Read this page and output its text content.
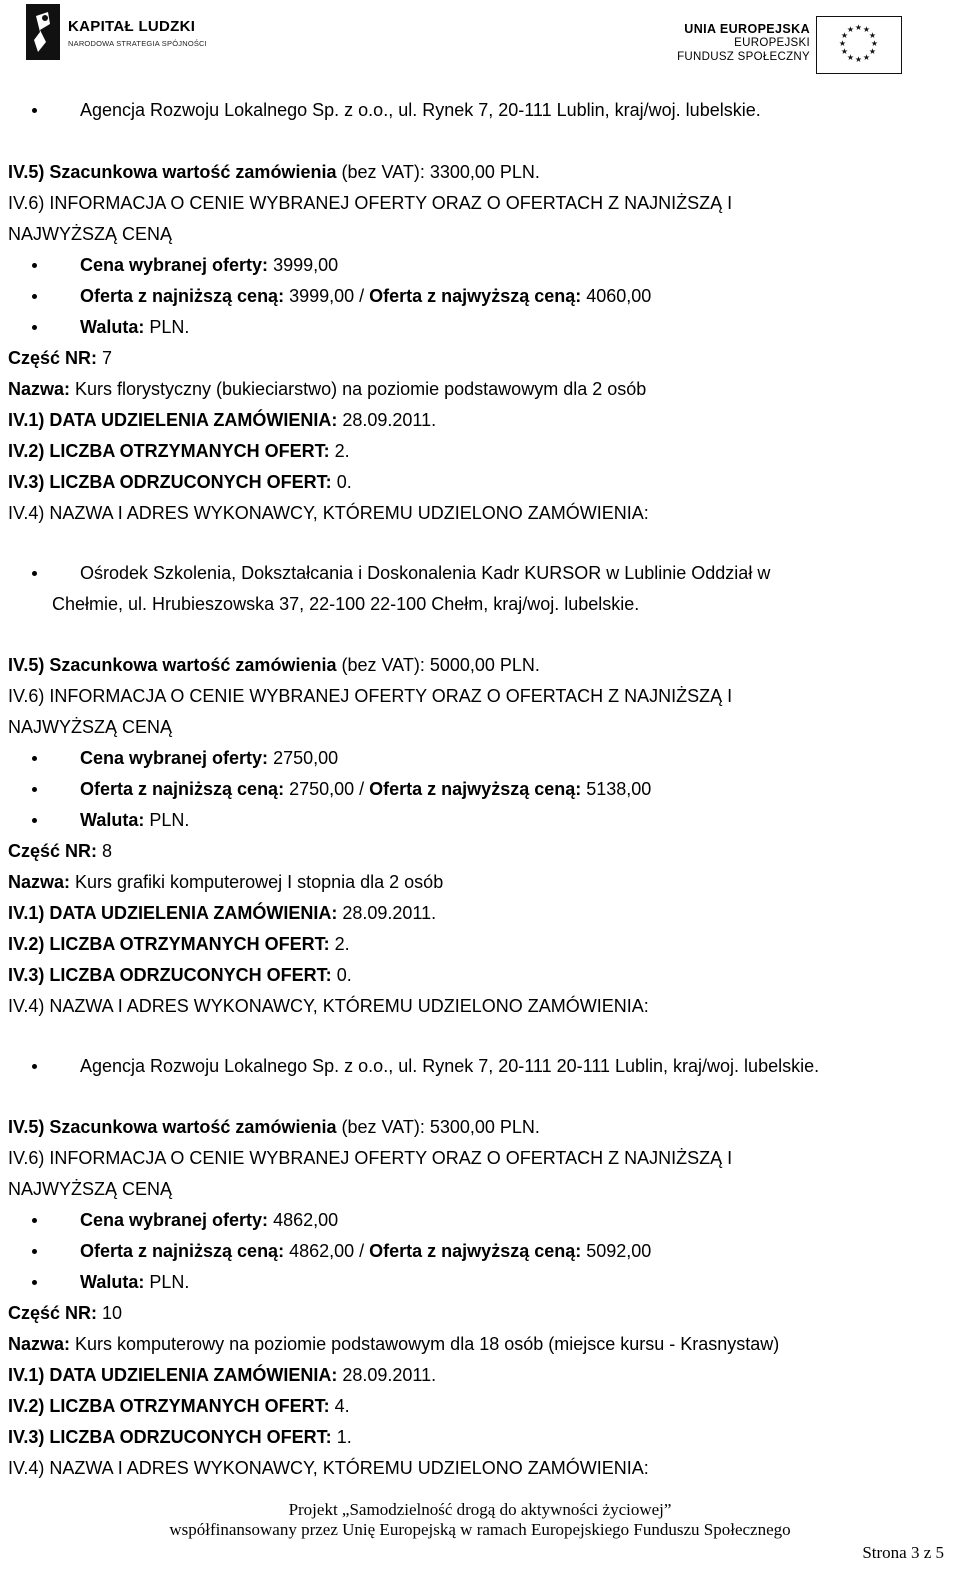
KAPITAŁ LUDZKI
NARODOWA STRATEGIA SPÓJNOŚCI
UNIA EUROPEJSKA
EUROPEJSKI
FUNDUSZ SPOŁECZNY
★ ★
★
★
★
★
★
★
★
★
★
★
Agencja Rozwoju Lokalnego Sp. z o.o., ul. Rynek 7, 20-111 Lublin, kraj/woj. lubelskie.
IV.5) Szacunkowa wartość zamówienia (bez VAT): 3300,00 PLN.
IV.6) INFORMACJA O CENIE WYBRANEJ OFERTY ORAZ O OFERTACH Z NAJNIŻSZĄ I
NAJWYŻSZĄ CENĄ
Cena wybranej oferty: 3999,00
Oferta z najniższą ceną: 3999,00 / Oferta z najwyższą ceną: 4060,00
Waluta: PLN.
Część NR: 7
Nazwa: Kurs florystyczny (bukieciarstwo) na poziomie podstawowym dla 2 osób
IV.1) DATA UDZIELENIA ZAMÓWIENIA: 28.09.2011.
IV.2) LICZBA OTRZYMANYCH OFERT: 2.
IV.3) LICZBA ODRZUCONYCH OFERT: 0.
IV.4) NAZWA I ADRES WYKONAWCY, KTÓREMU UDZIELONO ZAMÓWIENIA:
Ośrodek Szkolenia, Dokształcania i Doskonalenia Kadr KURSOR w Lublinie Oddział w
Chełmie, ul. Hrubieszowska 37, 22-100 22-100 Chełm, kraj/woj. lubelskie.
IV.5) Szacunkowa wartość zamówienia (bez VAT): 5000,00 PLN.
IV.6) INFORMACJA O CENIE WYBRANEJ OFERTY ORAZ O OFERTACH Z NAJNIŻSZĄ I
NAJWYŻSZĄ CENĄ
Cena wybranej oferty: 2750,00
Oferta z najniższą ceną: 2750,00 / Oferta z najwyższą ceną: 5138,00
Waluta: PLN.
Część NR: 8
Nazwa: Kurs grafiki komputerowej I stopnia dla 2 osób
IV.1) DATA UDZIELENIA ZAMÓWIENIA: 28.09.2011.
IV.2) LICZBA OTRZYMANYCH OFERT: 2.
IV.3) LICZBA ODRZUCONYCH OFERT: 0.
IV.4) NAZWA I ADRES WYKONAWCY, KTÓREMU UDZIELONO ZAMÓWIENIA:
Agencja Rozwoju Lokalnego Sp. z o.o., ul. Rynek 7, 20-111 20-111 Lublin, kraj/woj. lubelskie.
IV.5) Szacunkowa wartość zamówienia (bez VAT): 5300,00 PLN.
IV.6) INFORMACJA O CENIE WYBRANEJ OFERTY ORAZ O OFERTACH Z NAJNIŻSZĄ I
NAJWYŻSZĄ CENĄ
Cena wybranej oferty: 4862,00
Oferta z najniższą ceną: 4862,00 / Oferta z najwyższą ceną: 5092,00
Waluta: PLN.
Część NR: 10
Nazwa: Kurs komputerowy na poziomie podstawowym dla 18 osób (miejsce kursu - Krasnystaw)
IV.1) DATA UDZIELENIA ZAMÓWIENIA: 28.09.2011.
IV.2) LICZBA OTRZYMANYCH OFERT: 4.
IV.3) LICZBA ODRZUCONYCH OFERT: 1.
IV.4) NAZWA I ADRES WYKONAWCY, KTÓREMU UDZIELONO ZAMÓWIENIA:
Projekt „Samodzielność drogą do aktywności życiowej”
współfinansowany przez Unię Europejską w ramach Europejskiego Funduszu Społecznego
Strona 3 z 5
